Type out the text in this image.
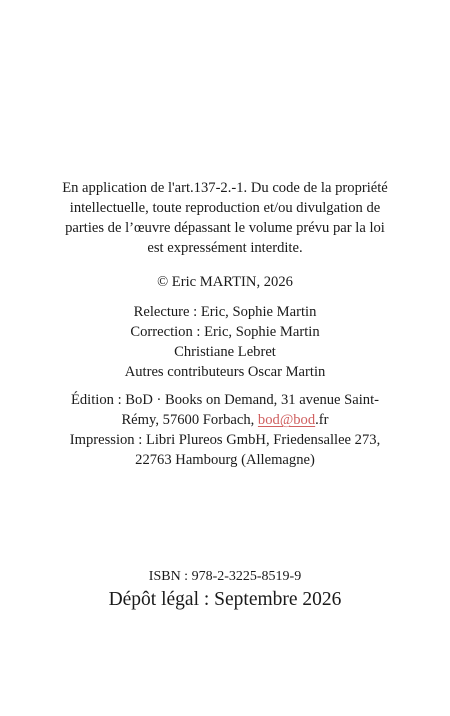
En application de l'art.137-2.-1. Du code de la propriété

intellectuelle, toute reproduction et/ou divulgation de

parties de l’œuvre dépassant le volume prévu par la loi

est expressément interdite.

© Eric MARTIN, 2026

Relecture : Eric, Sophie Martin

Correction : Eric, Sophie Martin

Christiane Lebret

Autres contributeurs Oscar Martin

Édition : BoD · Books on Demand, 31 avenue Saint-

Rémy, 57600 Forbach, bod@bod.fr

Impression : Libri Plureos GmbH, Friedensallee 273,

22763 Hambourg (Allemagne)

ISBN : 978-2-3225-8519-9

Dépôt légal : Septembre 2026
